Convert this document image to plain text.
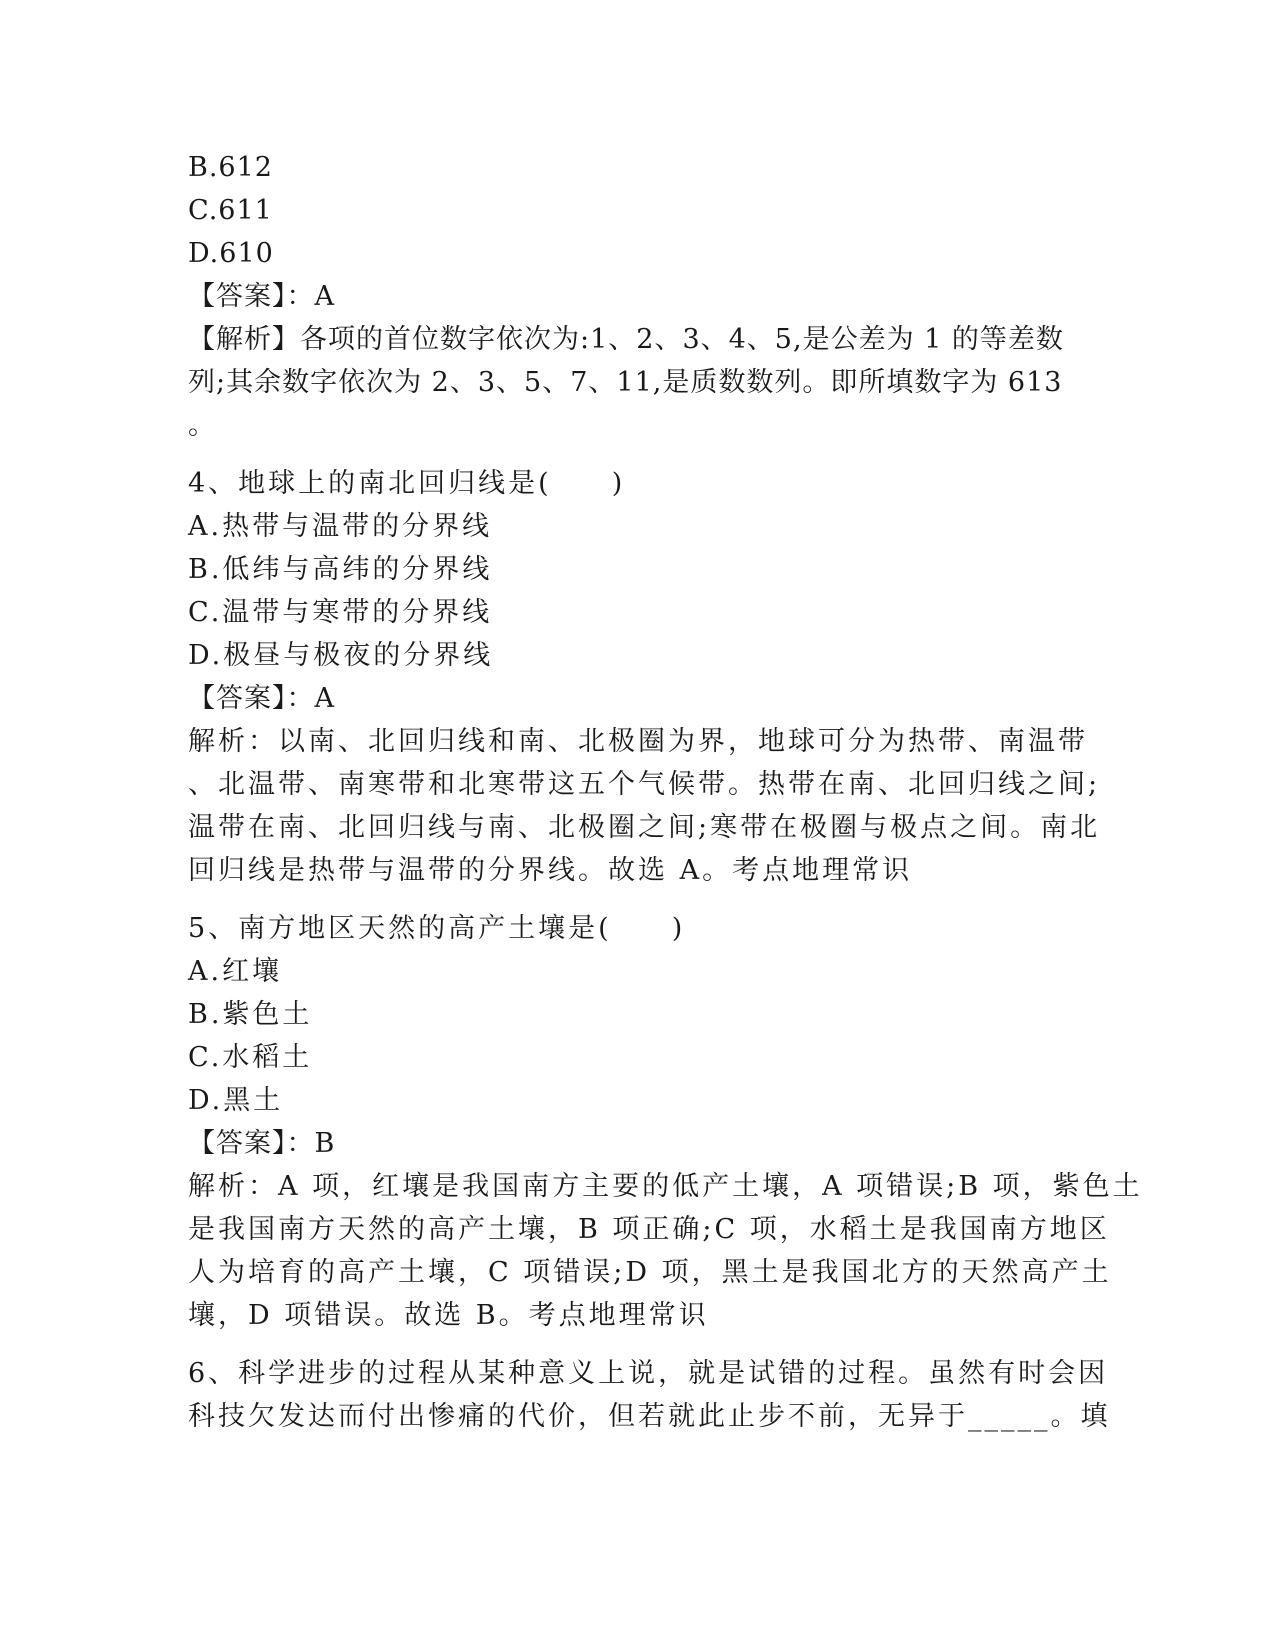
B.612
C.611
D.610
【答案】：A
【解析】各项的首位数字依次为:1、2、3、4、5,是公差为 1 的等差数
列;其余数字依次为 2、3、5、7、11,是质数数列。即所填数字为 613
。
4、地球上的南北回归线是(　　)
A.热带与温带的分界线
B.低纬与高纬的分界线
C.温带与寒带的分界线
D.极昼与极夜的分界线
【答案】：A
解析：以南、北回归线和南、北极圈为界，地球可分为热带、南温带
、北温带、南寒带和北寒带这五个气候带。热带在南、北回归线之间;
温带在南、北回归线与南、北极圈之间;寒带在极圈与极点之间。南北
回归线是热带与温带的分界线。故选 A。考点地理常识
5、南方地区天然的高产土壤是(　　)
A.红壤
B.紫色土
C.水稻土
D.黑土
【答案】：B
解析：A 项，红壤是我国南方主要的低产土壤，A 项错误;B 项，紫色土
是我国南方天然的高产土壤，B 项正确;C 项，水稻土是我国南方地区
人为培育的高产土壤，C 项错误;D 项，黑土是我国北方的天然高产土
壤，D 项错误。故选 B。考点地理常识
6、科学进步的过程从某种意义上说，就是试错的过程。虽然有时会因
科技欠发达而付出惨痛的代价，但若就此止步不前，无异于_____。填
